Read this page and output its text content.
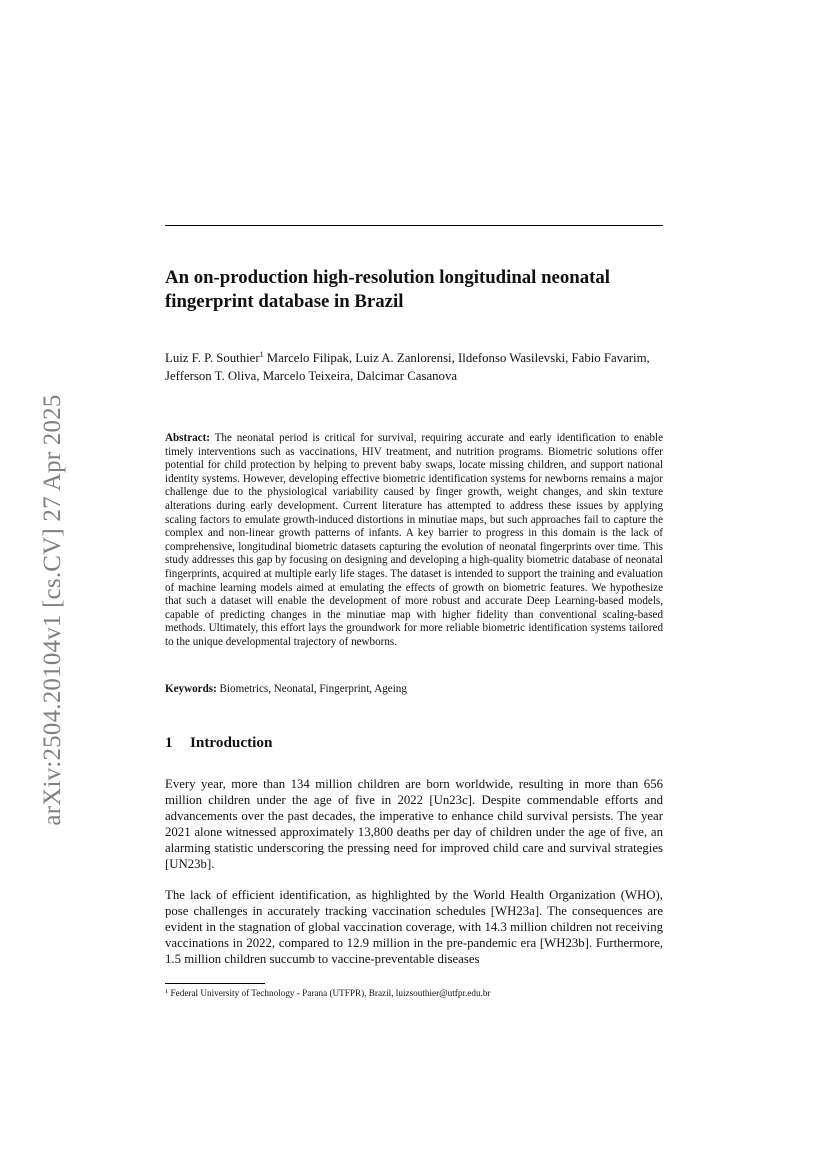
arXiv:2504.20104v1 [cs.CV] 27 Apr 2025
An on-production high-resolution longitudinal neonatal fingerprint database in Brazil

Luiz F. P. Southier$^1$ Marcelo Filipak, Luiz A. Zanlorensi, Ildefonso Wasilevski, Fabio Favarim, Jefferson T. Oliva, Marcelo Teixeira, Dalcimar Casanova

Abstract: The neonatal period is critical for survival, requiring accurate and early identification to enable timely interventions such as vaccinations, HIV treatment, and nutrition programs. Biometric solutions offer potential for child protection by helping to prevent baby swaps, locate missing children, and support national identity systems. However, developing effective biometric identification systems for newborns remains a major challenge due to the physiological variability caused by finger growth, weight changes, and skin texture alterations during early development. Current literature has attempted to address these issues by applying scaling factors to emulate growth-induced distortions in minutiae maps, but such approaches fail to capture the complex and non-linear growth patterns of infants. A key barrier to progress in this domain is the lack of comprehensive, longitudinal biometric datasets capturing the evolution of neonatal fingerprints over time. This study addresses this gap by focusing on designing and developing a high-quality biometric database of neonatal fingerprints, acquired at multiple early life stages. The dataset is intended to support the training and evaluation of machine learning models aimed at emulating the effects of growth on biometric features. We hypothesize that such a dataset will enable the development of more robust and accurate Deep Learning-based models, capable of predicting changes in the minutiae map with higher fidelity than conventional scaling-based methods. Ultimately, this effort lays the groundwork for more reliable biometric identification systems tailored to the unique developmental trajectory of newborns.

Keywords: Biometrics, Neonatal, Fingerprint, Ageing

1 Introduction

Every year, more than 134 million children are born worldwide, resulting in more than 656 million children under the age of five in 2022 [Un23c]. Despite commendable efforts and advancements over the past decades, the imperative to enhance child survival persists. The year 2021 alone witnessed approximately 13,800 deaths per day of children under the age of five, an alarming statistic underscoring the pressing need for improved child care and survival strategies [UN23b].

The lack of efficient identification, as highlighted by the World Health Organization (WHO), pose challenges in accurately tracking vaccination schedules [WH23a]. The consequences are evident in the stagnation of global vaccination coverage, with 14.3 million children not receiving vaccinations in 2022, compared to 12.9 million in the pre-pandemic era [WH23b]. Furthermore, 1.5 million children succumb to vaccine-preventable diseases

$^1$ Federal University of Technology - Parana (UTFPR), Brazil, luizsouthier@utfpr.edu.br
